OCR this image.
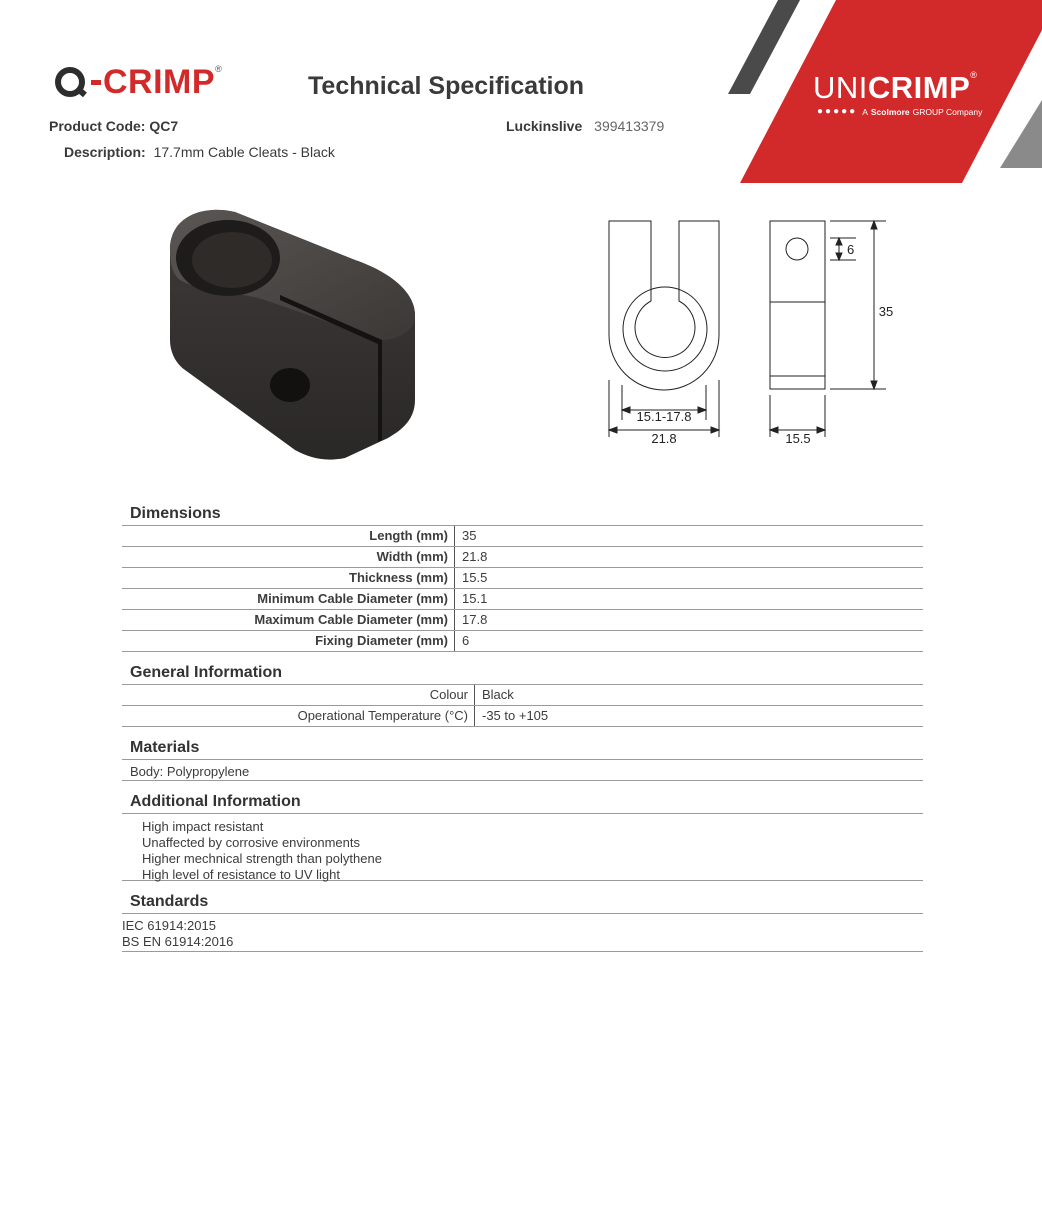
CRIMP ®
Technical Specification
Product Code: QC7
Description: 17.7mm Cable Cleats - Black
Luckinslive 399413379
UNICRIMP®
●●●●● A Scolmore GROUP Company
15.1-17.8
21.8	15.5
35
6
Dimensions
Length (mm)	35
Width (mm)	21.8
Thickness (mm)	15.5
Minimum Cable Diameter (mm)	15.1
Maximum Cable Diameter (mm)	17.8
Fixing Diameter (mm)	6
General Information
Colour	Black
Operational Temperature (°C)	-35 to +105
Materials
Body: Polypropylene
Additional Information
High impact resistant
Unaffected by corrosive environments
Higher mechnical strength than polythene
High level of resistance to UV light
Standards
IEC 61914:2015
BS EN 61914:2016
